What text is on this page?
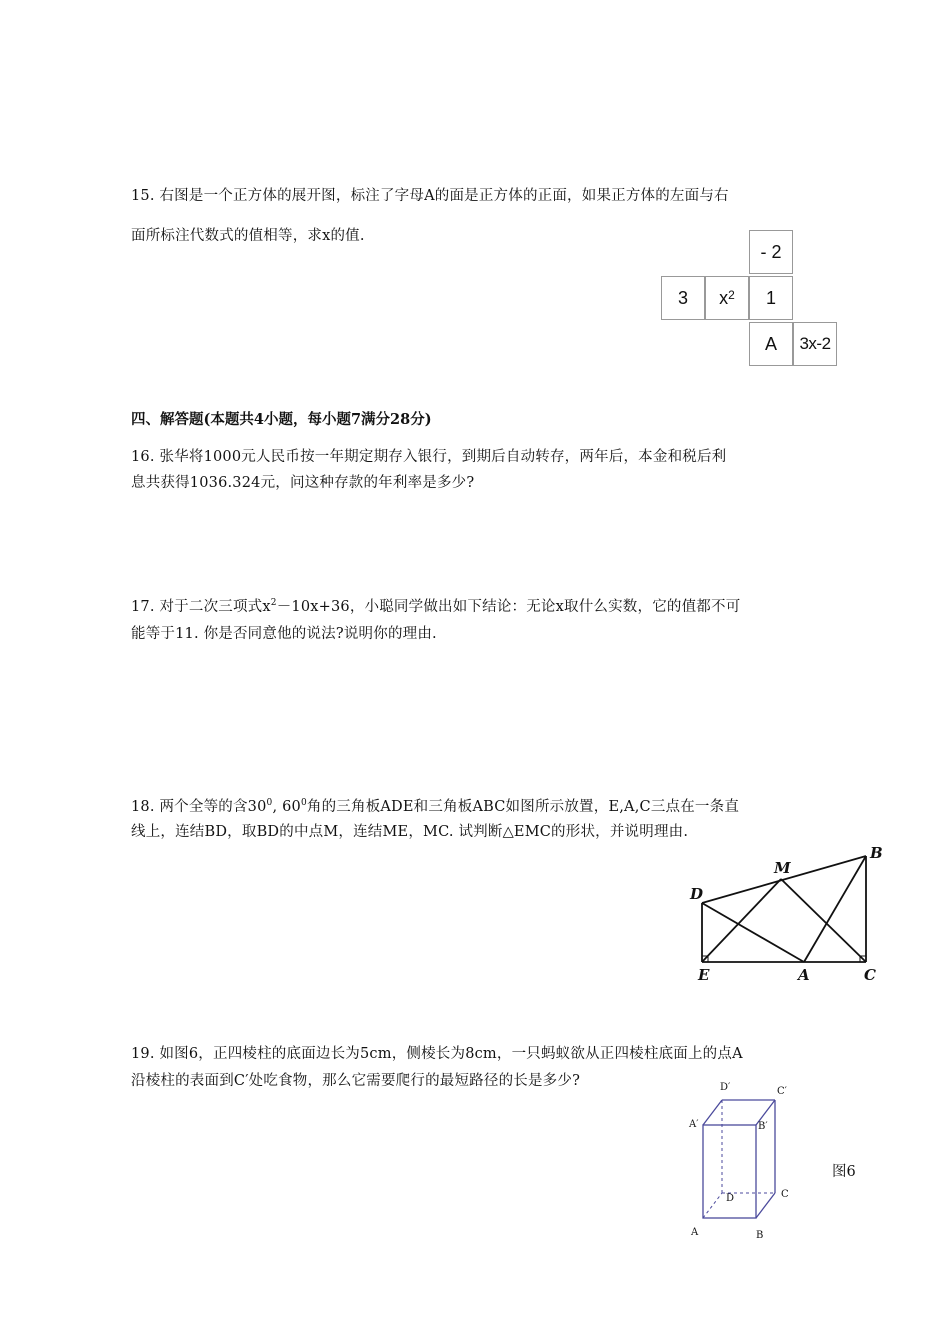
15. 右图是一个正方体的展开图，标注了字母A的面是正方体的正面，如果正方体的左面与右
面所标注代数式的值相等，求x的值.
- 2
3	$x^2$	1
A	3x-2
四、解答题(本题共4小题，每小题7满分28分)
16. 张华将1000元人民币按一年期定期存入银行，到期后自动转存，两年后，本金和税后利
息共获得1036.324元，问这种存款的年利率是多少?
17. 对于二次三项式$x^2-10x+36$，小聪同学做出如下结论：无论x取什么实数，它的值都不可
能等于11. 你是否同意他的说法?说明你的理由.
18. 两个全等的含$30^0$, $60^0$角的三角板ADE和三角板ABC如图所示放置，E,A,C三点在一条直
线上，连结BD，取BD的中点M，连结ME，MC. 试判断△EMC的形状，并说明理由.
B
M
D
E	A	C
19. 如图6，正四棱柱的底面边长为5cm，侧棱长为8cm，一只蚂蚁欲从正四棱柱底面上的点A
沿棱柱的表面到C′处吃食物，那么它需要爬行的最短路径的长是多少?	D′	C′
A′	B′
D	C
A	B
图6
